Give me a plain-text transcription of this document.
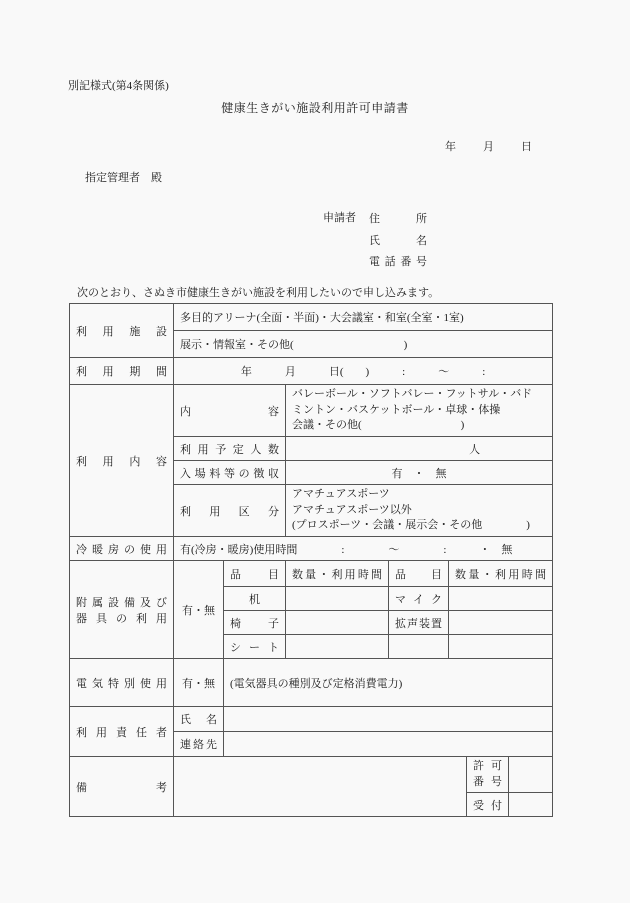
別記様式(第4条関係)
健康生きがい施設利用許可申請書
年 月 日
指定管理者　殿
申請者 住所
氏名
電話番号
次のとおり、さぬき市健康生きがい施設を利用したいので申し込みます。
利用施設	多目的アリーナ(全面・半面)・大会議室・和室(全室・1室)						
	展示・情報室・その他(　　　　　　　　　　)						
利用期間	年　　　月　　　日(　　)　　　:　　　～　　　:						
利用内容	内容		バレーボール・ソフトバレー・フットサル・バド
ミントン・バスケットボール・卓球・体操
会議・その他(　　　　　　　　　)				

	利用予定人数		人				
	入場料等の徴収		有　・　無				
	利用区分		アマチュアスポーツ
アマチュアスポーツ以外
(プロスポーツ・会議・展示会・その他　　　　)				

冷暖房の使用	有(冷房・暖房)使用時間　　　　:　　　　～　　　　:　　　・　無						

附属設備及び
器具の利用	有・無	品目	数量・利用時間	品目	数量・利用時間		
		机		マイク			
		椅子		拡声装置			
		シート					
電気特別使用	有・無	(電気器具の種別及び定格消費電力)					
利用責任者	氏名						
	連絡先						
備考						許可
番号	

						受付	
